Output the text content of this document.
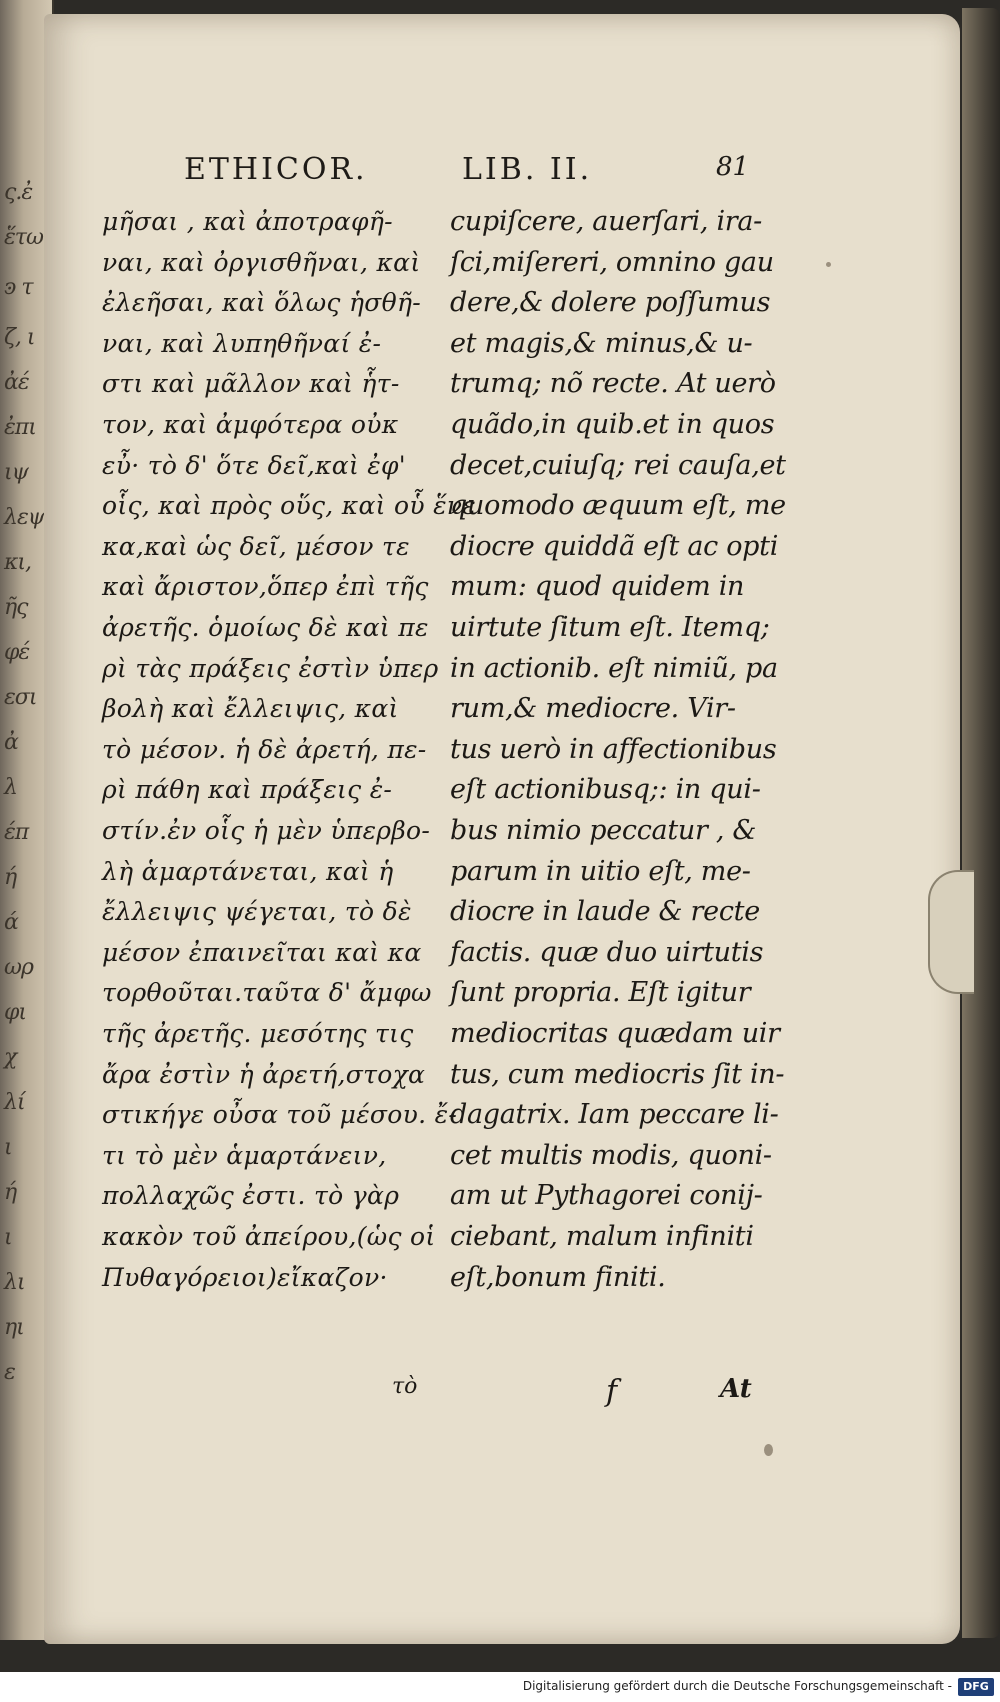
ς.ἐ
ἕτω
ͽ τ
ζ, ι
ἀέ
ἐπι
ιψ
λεψ
κι,
ῆς
φέ
εσι
ἀ
λ
έπ
ή
ά
ωρ
φι
χ
λί
ι
ή
ι
λι
ηι
ε
ETHICOR.	LIB. II.	81
μῆσαι , καὶ ἀποτραφῆ-
ναι, καὶ ὀργισθῆναι, καὶ
ἐλεῆσαι, καὶ ὅλως ἡσθῆ-
ναι, καὶ λυπηθῆναί ἐ-
στι καὶ μᾶλλον καὶ ἧτ-
τον, καὶ ἀμφότερα οὐκ
εὖ· τὸ δ' ὅτε δεῖ,καὶ ἐφ'
οἷς, καὶ πρὸς οὕς, καὶ οὗ ἕνε
κα,καὶ ὡς δεῖ, μέσον τε
καὶ ἄριστον,ὅπερ ἐπὶ τῆς
ἀρετῆς. ὁμοίως δὲ καὶ πε
ρὶ τὰς πράξεις ἐστὶν ὑπερ
βολὴ καὶ ἔλλειψις, καὶ
τὸ μέσον. ἡ δὲ ἀρετή, πε-
ρὶ πάθη καὶ πράξεις ἐ-
στίν.ἐν οἷς ἡ μὲν ὑπερβο-
λὴ ἁμαρτάνεται, καὶ ἡ
ἔλλειψις ψέγεται, τὸ δὲ
μέσον ἐπαινεῖται καὶ κα
τορθοῦται.ταῦτα δ' ἄμφω
τῆς ἀρετῆς. μεσότης τις
ἄρα ἐστὶν ἡ ἀρετή,στοχα
στικήγε οὖσα τοῦ μέσου. ἔ-
τι τὸ μὲν ἁμαρτάνειν,
πολλαχῶς ἐστι. τὸ γὰρ
κακὸν τοῦ ἀπείρου,(ὡς οἱ
Πυθαγόρειοι)εἴκαζον·
cupiſcere, auerſari, ira-
ſci,miſereri, omnino gau
dere,& dolere poſſumus
et magis,& minus,& u-
trumq; nõ recte. At uerò
quãdo,in quib.et in quos
decet,cuiuſq; rei cauſa,et
quomodo æquum eſt, me
diocre quiddã eſt ac opti
mum: quod quidem in
uirtute ſitum eſt. Itemq;
in actionib. eſt nimiũ, pa
rum,& mediocre. Vir-
tus uerò in affectionibus
eſt actionibusq;: in qui-
bus nimio peccatur , &
parum in uitio eſt, me-
diocre in laude & recte
factis. quæ duo uirtutis
ſunt propria. Eſt igitur
mediocritas quædam uir
tus, cum mediocris ſit in-
dagatrix. Iam peccare li-
cet multis modis, quoni-
am ut Pythagorei conij-
ciebant, malum infiniti
eſt,bonum finiti.
τὸ	f	At
Digitalisierung gefördert durch die Deutsche Forschungsgemeinschaft -	DFG
